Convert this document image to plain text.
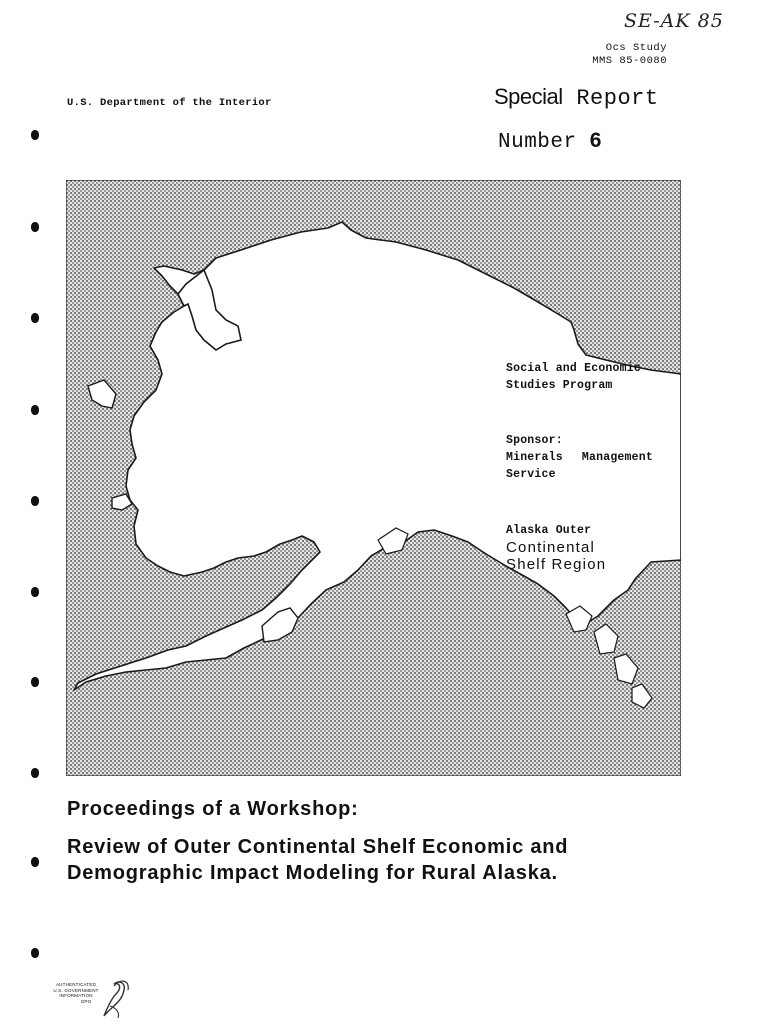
SE-AK 85
Ocs Study
MMS 85-0080
U.S. Department of the Interior	Special Report
Number 6
Social and Economic
Studies Program
Sponsor:
Minerals Management
Service
Alaska Outer
Continental
Shelf Region
Proceedings of a Workshop:
Review of Outer Continental Shelf Economic and
Demographic Impact Modeling for Rural Alaska.
AUTHENTICATED
U.S. GOVERNMENT
INFORMATION
GPO
